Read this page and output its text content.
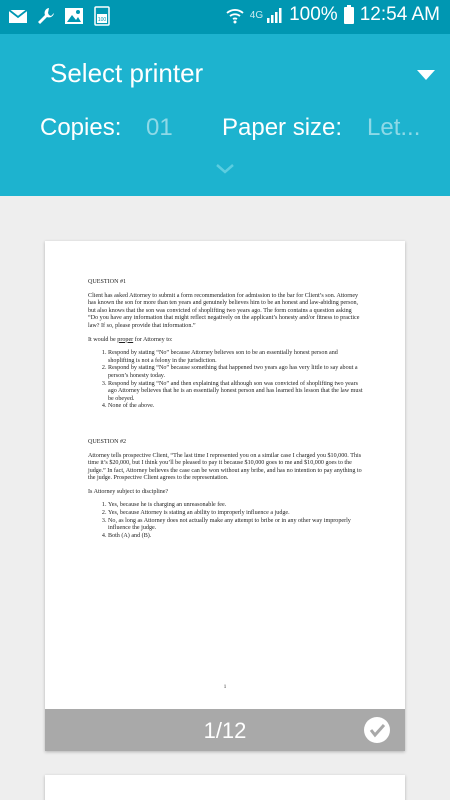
100	4G 100% 12:54 AM
Select printer
Copies: 01 Paper size: Let...

QUESTION #1

Client has asked Attorney to submit a form recommendation for admission to the bar for Client’s son. Attorney has known the son for more than ten years and genuinely believes him to be an honest and law-abiding person, but also knows that the son was convicted of shoplifting two years ago. The form contains a question asking “Do you have any information that might reflect negatively on the applicant’s honesty and/or fitness to practice law? If so, please provide that information.”

It would be proper for Attorney to:

1. Respond by stating “No” because Attorney believes son to be an essentially honest person and shoplifting is not a felony in the jurisdiction.
2. Respond by stating “No” because something that happened two years ago has very little to say about a person’s honesty today.
3. Respond by stating “No” and then explaining that although son was convicted of shoplifting two years ago Attorney believes that he is an essentially honest person and has learned his lesson that the law must be obeyed.
4. None of the above.

QUESTION #2

Attorney tells prospective Client, “The last time I represented you on a similar case I charged you $10,000. This time it’s $20,000, but I think you’ll be pleased to pay it because $10,000 goes to me and $10,000 goes to the judge.” In fact, Attorney believes the case can be won without any bribe, and has no intention to pay anything to the judge. Prospective Client agrees to the representation.

Is Attorney subject to discipline?

1. Yes, because he is charging an unreasonable fee.
2. Yes, because Attorney is stating an ability to improperly influence a judge.
3. No, as long as Attorney does not actually make any attempt to bribe or in any other way improperly influence the judge.
4. Both (A) and (B).
1
1/12
